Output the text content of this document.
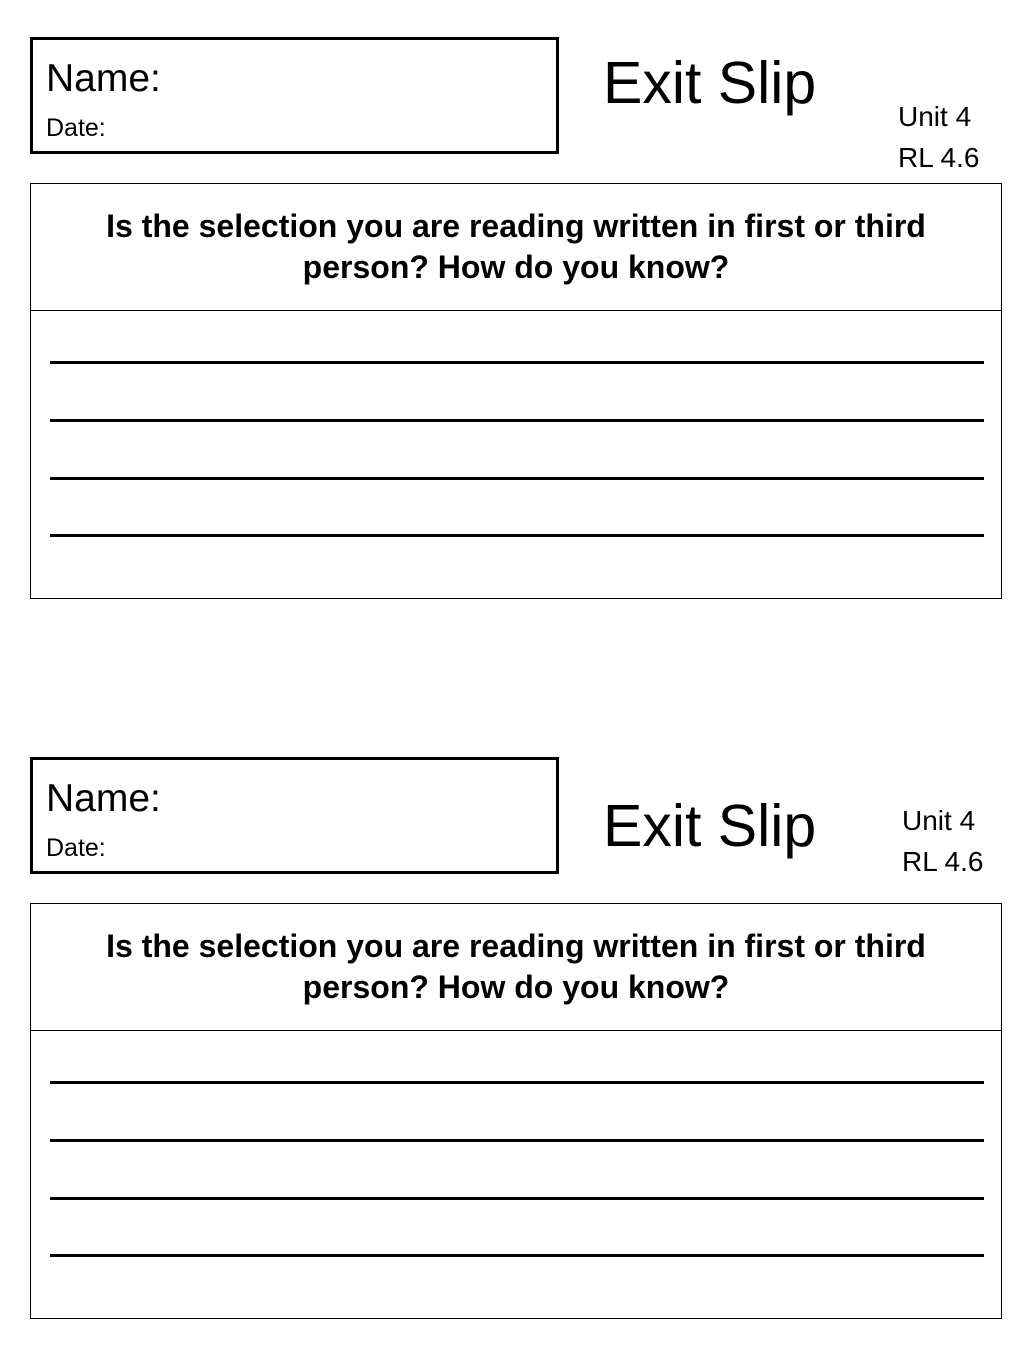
Name:
Date:
Exit Slip
Unit 4
RL 4.6
Is the selection you are reading written in first or third person? How do you know?
Name:
Date:	Exit Slip	Unit 4
RL 4.6
Is the selection you are reading written in first or third person? How do you know?
